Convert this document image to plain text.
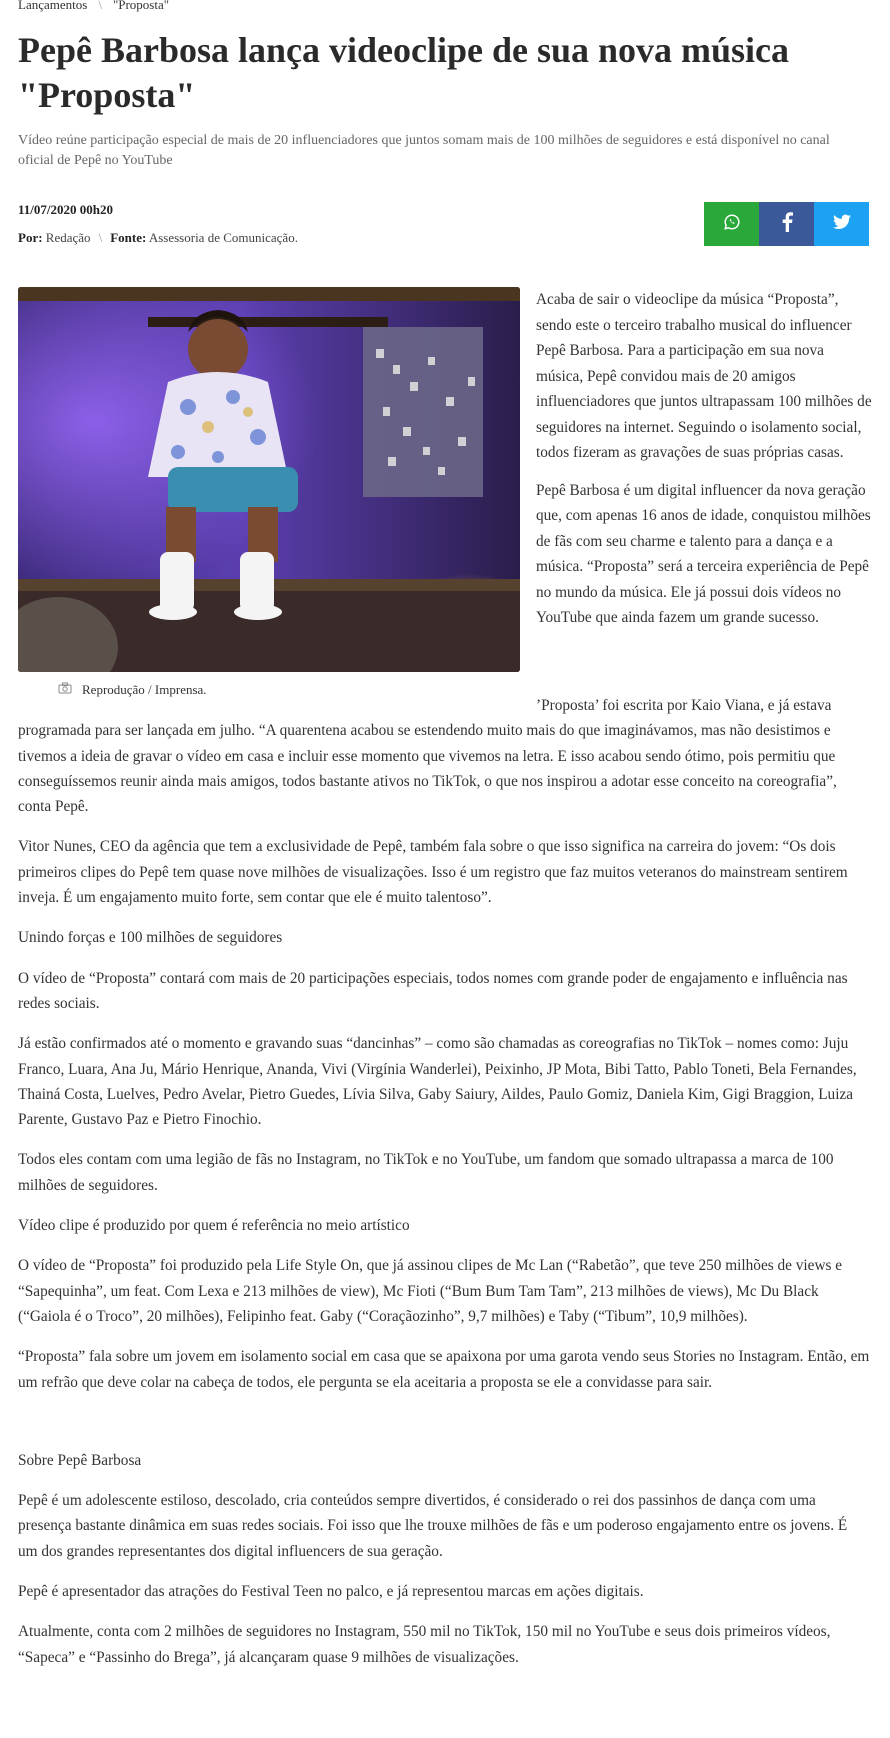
Lançamentos \ "Proposta"
Pepê Barbosa lança videoclipe de sua nova música "Proposta"

Vídeo reúne participação especial de mais de 20 influenciadores que juntos somam mais de 100 milhões de seguidores e está disponível no canal oficial de Pepê no YouTube

11/07/2020 00h20
Por: Redação \ Fonte: Assessoria de Comunicação.
Reprodução / Imprensa.

Acaba de sair o videoclipe da música “Proposta”, sendo este o terceiro trabalho musical do influencer Pepê Barbosa. Para a participação em sua nova música, Pepê convidou mais de 20 amigos influenciadores que juntos ultrapassam 100 milhões de seguidores na internet. Seguindo o isolamento social, todos fizeram as gravações de suas próprias casas.

Pepê Barbosa é um digital influencer da nova geração que, com apenas 16 anos de idade, conquistou milhões de fãs com seu charme e talento para a dança e a música. “Proposta” será a terceira experiência de Pepê no mundo da música. Ele já possui dois vídeos no YouTube que ainda fazem um grande sucesso.

’Proposta’ foi escrita por Kaio Viana, e já estava programada para ser lançada em julho. “A quarentena acabou se estendendo muito mais do que imaginávamos, mas não desistimos e tivemos a ideia de gravar o vídeo em casa e incluir esse momento que vivemos na letra. E isso acabou sendo ótimo, pois permitiu que conseguíssemos reunir ainda mais amigos, todos bastante ativos no TikTok, o que nos inspirou a adotar esse conceito na coreografia”, conta Pepê.

Vitor Nunes, CEO da agência que tem a exclusividade de Pepê, também fala sobre o que isso significa na carreira do jovem: “Os dois primeiros clipes do Pepê tem quase nove milhões de visualizações. Isso é um registro que faz muitos veteranos do mainstream sentirem inveja. É um engajamento muito forte, sem contar que ele é muito talentoso”.

Unindo forças e 100 milhões de seguidores

O vídeo de “Proposta” contará com mais de 20 participações especiais, todos nomes com grande poder de engajamento e influência nas redes sociais.

Já estão confirmados até o momento e gravando suas “dancinhas” – como são chamadas as coreografias no TikTok – nomes como: Juju Franco, Luara, Ana Ju, Mário Henrique, Ananda, Vivi (Virgínia Wanderlei), Peixinho, JP Mota, Bibi Tatto, Pablo Toneti, Bela Fernandes, Thainá Costa, Luelves, Pedro Avelar, Pietro Guedes, Lívia Silva, Gaby Saiury, Aildes, Paulo Gomiz, Daniela Kim, Gigi Braggion, Luiza Parente, Gustavo Paz e Pietro Finochio.

Todos eles contam com uma legião de fãs no Instagram, no TikTok e no YouTube, um fandom que somado ultrapassa a marca de 100 milhões de seguidores.

Vídeo clipe é produzido por quem é referência no meio artístico

O vídeo de “Proposta” foi produzido pela Life Style On, que já assinou clipes de Mc Lan (“Rabetão”, que teve 250 milhões de views e “Sapequinha”, um feat. Com Lexa e 213 milhões de view), Mc Fioti (“Bum Bum Tam Tam”, 213 milhões de views), Mc Du Black (“Gaiola é o Troco”, 20 milhões), Felipinho feat. Gaby (“Coraçãozinho”, 9,7 milhões) e Taby (“Tibum”, 10,9 milhões).

“Proposta” fala sobre um jovem em isolamento social em casa que se apaixona por uma garota vendo seus Stories no Instagram. Então, em um refrão que deve colar na cabeça de todos, ele pergunta se ela aceitaria a proposta se ele a convidasse para sair.

Sobre Pepê Barbosa

Pepê é um adolescente estiloso, descolado, cria conteúdos sempre divertidos, é considerado o rei dos passinhos de dança com uma presença bastante dinâmica em suas redes sociais. Foi isso que lhe trouxe milhões de fãs e um poderoso engajamento entre os jovens. É um dos grandes representantes dos digital influencers de sua geração.

Pepê é apresentador das atrações do Festival Teen no palco, e já representou marcas em ações digitais.

Atualmente, conta com 2 milhões de seguidores no Instagram, 550 mil no TikTok, 150 mil no YouTube e seus dois primeiros vídeos, “Sapeca” e “Passinho do Brega”, já alcançaram quase 9 milhões de visualizações.
